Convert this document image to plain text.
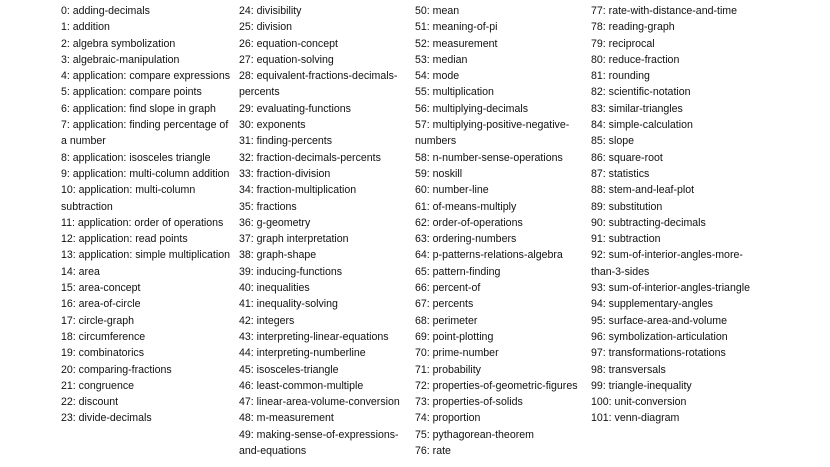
0: adding-decimals
1: addition
2: algebra symbolization
3: algebraic-manipulation
4: application: compare expressions
5: application: compare points
6: application: find slope in graph
7: application: finding percentage of a number
8: application: isosceles triangle
9: application: multi-column addition
10: application: multi-column subtraction
11: application: order of operations
12: application: read points
13: application: simple multiplication
14: area
15: area-concept
16: area-of-circle
17: circle-graph
18: circumference
19: combinatorics
20: comparing-fractions
21: congruence
22: discount
23: divide-decimals
24: divisibility
25: division
26: equation-concept
27: equation-solving
28: equivalent-fractions-decimals-percents
29: evaluating-functions
30: exponents
31: finding-percents
32: fraction-decimals-percents
33: fraction-division
34: fraction-multiplication
35: fractions
36: g-geometry
37: graph interpretation
38: graph-shape
39: inducing-functions
40: inequalities
41: inequality-solving
42: integers
43: interpreting-linear-equations
44: interpreting-numberline
45: isosceles-triangle
46: least-common-multiple
47: linear-area-volume-conversion
48: m-measurement
49: making-sense-of-expressions-and-equations
50: mean
51: meaning-of-pi
52: measurement
53: median
54: mode
55: multiplication
56: multiplying-decimals
57: multiplying-positive-negative-numbers
58: n-number-sense-operations
59: noskill
60: number-line
61: of-means-multiply
62: order-of-operations
63: ordering-numbers
64: p-patterns-relations-algebra
65: pattern-finding
66: percent-of
67: percents
68: perimeter
69: point-plotting
70: prime-number
71: probability
72: properties-of-geometric-figures
73: properties-of-solids
74: proportion
75: pythagorean-theorem
76: rate
77: rate-with-distance-and-time
78: reading-graph
79: reciprocal
80: reduce-fraction
81: rounding
82: scientific-notation
83: similar-triangles
84: simple-calculation
85: slope
86: square-root
87: statistics
88: stem-and-leaf-plot
89: substitution
90: subtracting-decimals
91: subtraction
92: sum-of-interior-angles-more-than-3-sides
93: sum-of-interior-angles-triangle
94: supplementary-angles
95: surface-area-and-volume
96: symbolization-articulation
97: transformations-rotations
98: transversals
99: triangle-inequality
100: unit-conversion
101: venn-diagram
